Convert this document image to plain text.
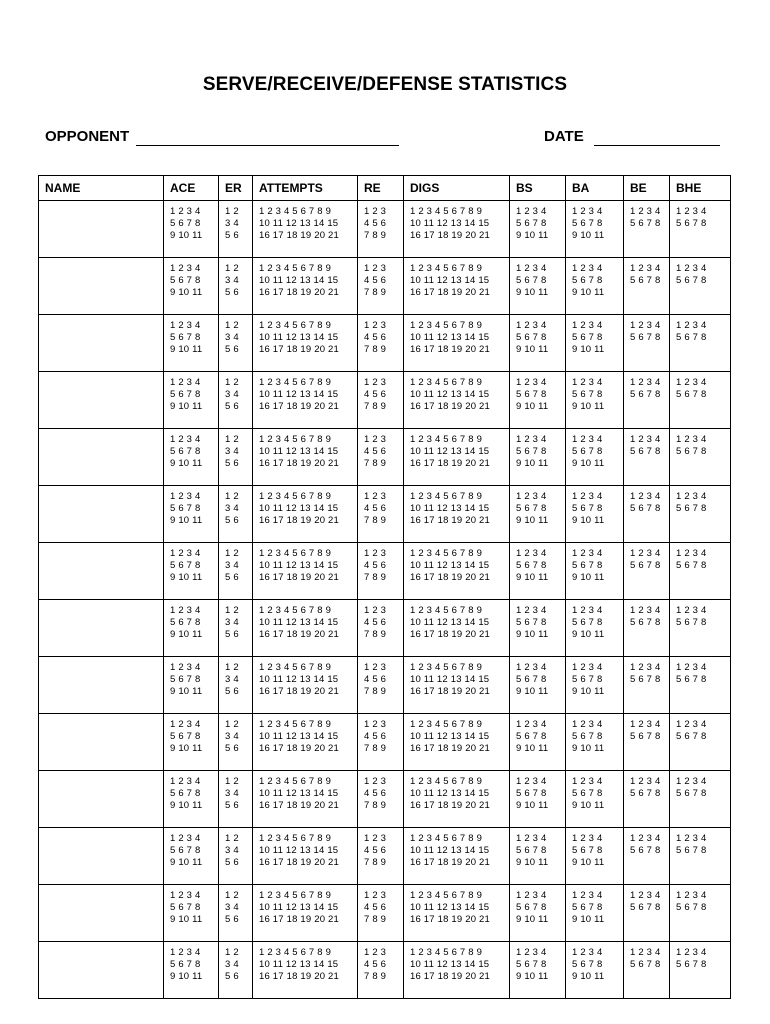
SERVE/RECEIVE/DEFENSE STATISTICS
OPPONENT	DATE
NAME	ACE	ER	ATTEMPTS	RE	DIGS	BS	BA	BE	BHE

	1 2 3 4
5 6 7 8
9 10 11	1 2
3 4
5 6	1 2 3 4 5 6 7 8 9
10 11 12 13 14 15
16 17 18 19 20 21	1 2 3
4 5 6
7 8 9	1 2 3 4 5 6 7 8 9
10 11 12 13 14 15
16 17 18 19 20 21	1 2 3 4
5 6 7 8
9 10 11	1 2 3 4
5 6 7 8
9 10 11	1 2 3 4
5 6 7 8	1 2 3 4
5 6 7 8

	1 2 3 4
5 6 7 8
9 10 11	1 2
3 4
5 6	1 2 3 4 5 6 7 8 9
10 11 12 13 14 15
16 17 18 19 20 21	1 2 3
4 5 6
7 8 9	1 2 3 4 5 6 7 8 9
10 11 12 13 14 15
16 17 18 19 20 21	1 2 3 4
5 6 7 8
9 10 11	1 2 3 4
5 6 7 8
9 10 11	1 2 3 4
5 6 7 8	1 2 3 4
5 6 7 8

	1 2 3 4
5 6 7 8
9 10 11	1 2
3 4
5 6	1 2 3 4 5 6 7 8 9
10 11 12 13 14 15
16 17 18 19 20 21	1 2 3
4 5 6
7 8 9	1 2 3 4 5 6 7 8 9
10 11 12 13 14 15
16 17 18 19 20 21	1 2 3 4
5 6 7 8
9 10 11	1 2 3 4
5 6 7 8
9 10 11	1 2 3 4
5 6 7 8	1 2 3 4
5 6 7 8

	1 2 3 4
5 6 7 8
9 10 11	1 2
3 4
5 6	1 2 3 4 5 6 7 8 9
10 11 12 13 14 15
16 17 18 19 20 21	1 2 3
4 5 6
7 8 9	1 2 3 4 5 6 7 8 9
10 11 12 13 14 15
16 17 18 19 20 21	1 2 3 4
5 6 7 8
9 10 11	1 2 3 4
5 6 7 8
9 10 11	1 2 3 4
5 6 7 8	1 2 3 4
5 6 7 8

	1 2 3 4
5 6 7 8
9 10 11	1 2
3 4
5 6	1 2 3 4 5 6 7 8 9
10 11 12 13 14 15
16 17 18 19 20 21	1 2 3
4 5 6
7 8 9	1 2 3 4 5 6 7 8 9
10 11 12 13 14 15
16 17 18 19 20 21	1 2 3 4
5 6 7 8
9 10 11	1 2 3 4
5 6 7 8
9 10 11	1 2 3 4
5 6 7 8	1 2 3 4
5 6 7 8

	1 2 3 4
5 6 7 8
9 10 11	1 2
3 4
5 6	1 2 3 4 5 6 7 8 9
10 11 12 13 14 15
16 17 18 19 20 21	1 2 3
4 5 6
7 8 9	1 2 3 4 5 6 7 8 9
10 11 12 13 14 15
16 17 18 19 20 21	1 2 3 4
5 6 7 8
9 10 11	1 2 3 4
5 6 7 8
9 10 11	1 2 3 4
5 6 7 8	1 2 3 4
5 6 7 8

	1 2 3 4
5 6 7 8
9 10 11	1 2
3 4
5 6	1 2 3 4 5 6 7 8 9
10 11 12 13 14 15
16 17 18 19 20 21	1 2 3
4 5 6
7 8 9	1 2 3 4 5 6 7 8 9
10 11 12 13 14 15
16 17 18 19 20 21	1 2 3 4
5 6 7 8
9 10 11	1 2 3 4
5 6 7 8
9 10 11	1 2 3 4
5 6 7 8	1 2 3 4
5 6 7 8

	1 2 3 4
5 6 7 8
9 10 11	1 2
3 4
5 6	1 2 3 4 5 6 7 8 9
10 11 12 13 14 15
16 17 18 19 20 21	1 2 3
4 5 6
7 8 9	1 2 3 4 5 6 7 8 9
10 11 12 13 14 15
16 17 18 19 20 21	1 2 3 4
5 6 7 8
9 10 11	1 2 3 4
5 6 7 8
9 10 11	1 2 3 4
5 6 7 8	1 2 3 4
5 6 7 8

	1 2 3 4
5 6 7 8
9 10 11	1 2
3 4
5 6	1 2 3 4 5 6 7 8 9
10 11 12 13 14 15
16 17 18 19 20 21	1 2 3
4 5 6
7 8 9	1 2 3 4 5 6 7 8 9
10 11 12 13 14 15
16 17 18 19 20 21	1 2 3 4
5 6 7 8
9 10 11	1 2 3 4
5 6 7 8
9 10 11	1 2 3 4
5 6 7 8	1 2 3 4
5 6 7 8

	1 2 3 4
5 6 7 8
9 10 11	1 2
3 4
5 6	1 2 3 4 5 6 7 8 9
10 11 12 13 14 15
16 17 18 19 20 21	1 2 3
4 5 6
7 8 9	1 2 3 4 5 6 7 8 9
10 11 12 13 14 15
16 17 18 19 20 21	1 2 3 4
5 6 7 8
9 10 11	1 2 3 4
5 6 7 8
9 10 11	1 2 3 4
5 6 7 8	1 2 3 4
5 6 7 8

	1 2 3 4
5 6 7 8
9 10 11	1 2
3 4
5 6	1 2 3 4 5 6 7 8 9
10 11 12 13 14 15
16 17 18 19 20 21	1 2 3
4 5 6
7 8 9	1 2 3 4 5 6 7 8 9
10 11 12 13 14 15
16 17 18 19 20 21	1 2 3 4
5 6 7 8
9 10 11	1 2 3 4
5 6 7 8
9 10 11	1 2 3 4
5 6 7 8	1 2 3 4
5 6 7 8

	1 2 3 4
5 6 7 8
9 10 11	1 2
3 4
5 6	1 2 3 4 5 6 7 8 9
10 11 12 13 14 15
16 17 18 19 20 21	1 2 3
4 5 6
7 8 9	1 2 3 4 5 6 7 8 9
10 11 12 13 14 15
16 17 18 19 20 21	1 2 3 4
5 6 7 8
9 10 11	1 2 3 4
5 6 7 8
9 10 11	1 2 3 4
5 6 7 8	1 2 3 4
5 6 7 8

	1 2 3 4
5 6 7 8
9 10 11	1 2
3 4
5 6	1 2 3 4 5 6 7 8 9
10 11 12 13 14 15
16 17 18 19 20 21	1 2 3
4 5 6
7 8 9	1 2 3 4 5 6 7 8 9
10 11 12 13 14 15
16 17 18 19 20 21	1 2 3 4
5 6 7 8
9 10 11	1 2 3 4
5 6 7 8
9 10 11	1 2 3 4
5 6 7 8	1 2 3 4
5 6 7 8

	1 2 3 4
5 6 7 8
9 10 11	1 2
3 4
5 6	1 2 3 4 5 6 7 8 9
10 11 12 13 14 15
16 17 18 19 20 21	1 2 3
4 5 6
7 8 9	1 2 3 4 5 6 7 8 9
10 11 12 13 14 15
16 17 18 19 20 21	1 2 3 4
5 6 7 8
9 10 11	1 2 3 4
5 6 7 8
9 10 11	1 2 3 4
5 6 7 8	1 2 3 4
5 6 7 8
